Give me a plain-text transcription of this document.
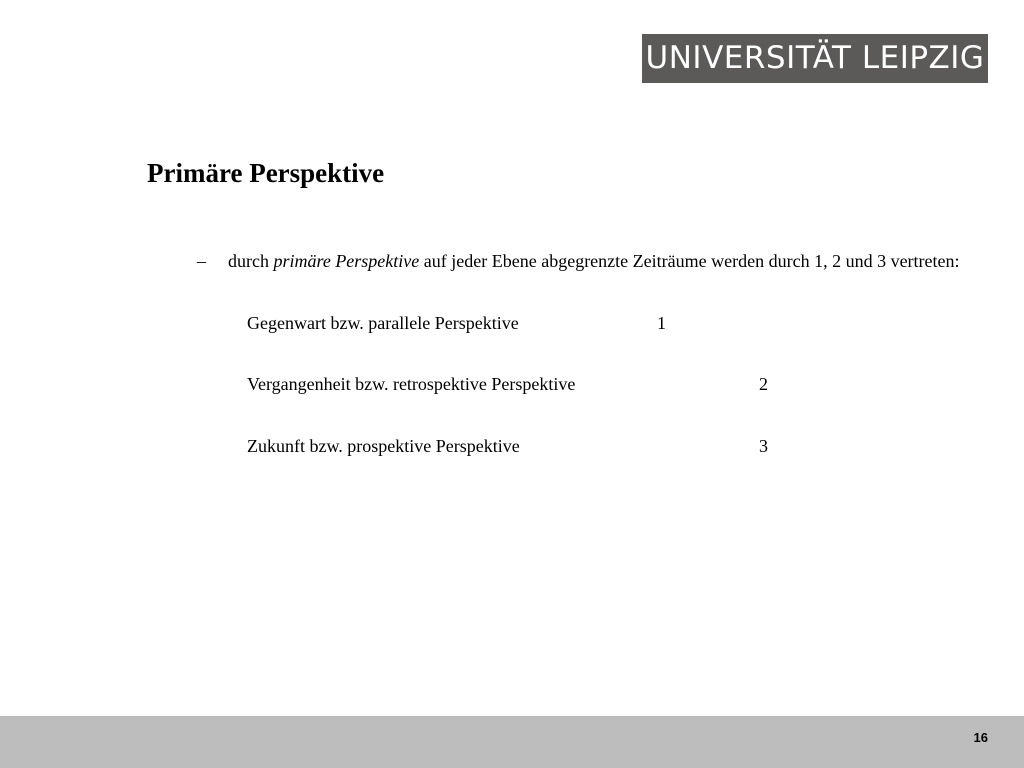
UNIVERSITÄT LEIPZIG
Primäre Perspektive
– durch primäre Perspektive auf jeder Ebene abgegrenzte Zeiträume werden durch 1, 2 und 3 vertreten:
Gegenwart bzw. parallele Perspektive	1
Vergangenheit bzw. retrospektive Perspektive	2
Zukunft bzw. prospektive Perspektive	3
16
